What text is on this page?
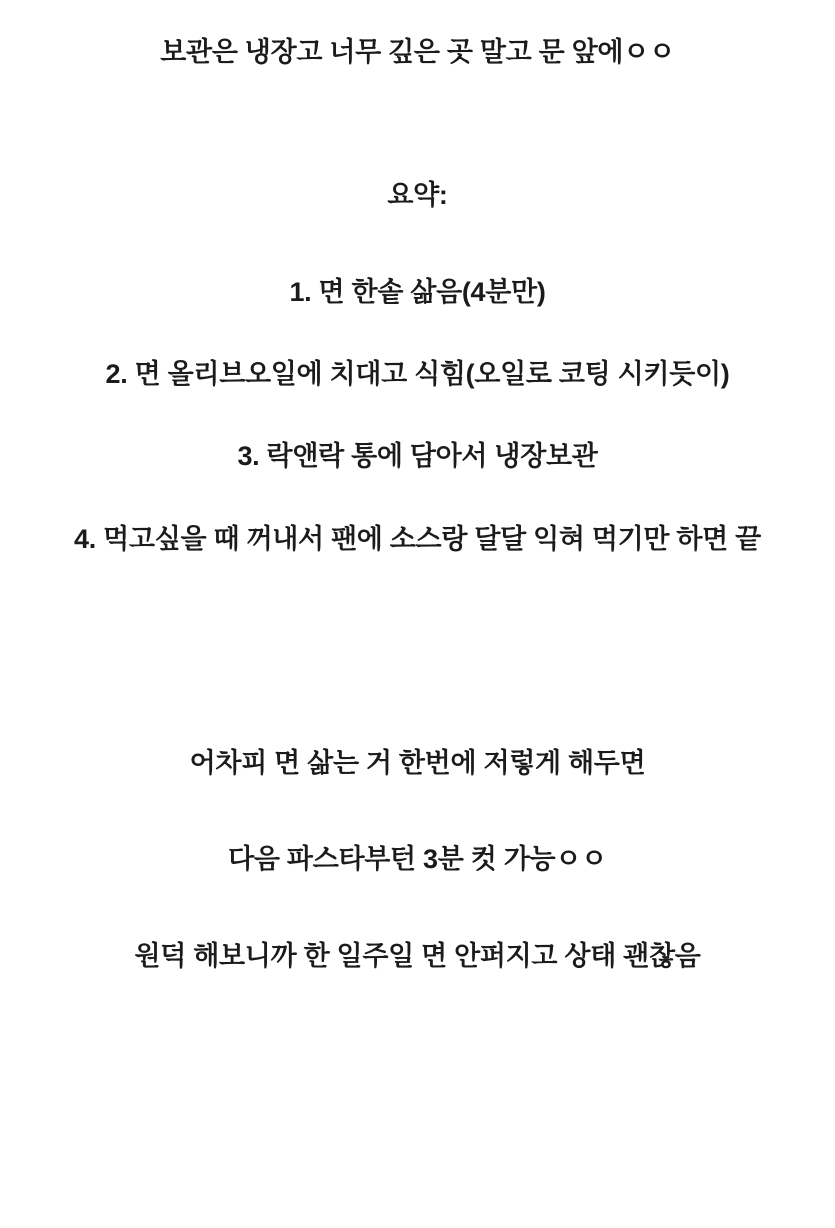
보관은 냉장고 너무 깊은 곳 말고 문 앞에ㅇㅇ
요약:
1. 면 한솥 삶음(4분만)
2. 면 올리브오일에 치대고 식힘(오일로 코팅 시키듯이)
3. 락앤락 통에 담아서 냉장보관
4. 먹고싶을 때 꺼내서 팬에 소스랑 달달 익혀 먹기만 하면 끝
어차피 면 삶는 거 한번에 저렇게 해두면
다음 파스타부턴 3분 컷 가능ㅇㅇ
원덕 해보니까 한 일주일 면 안퍼지고 상태 괜찮음
